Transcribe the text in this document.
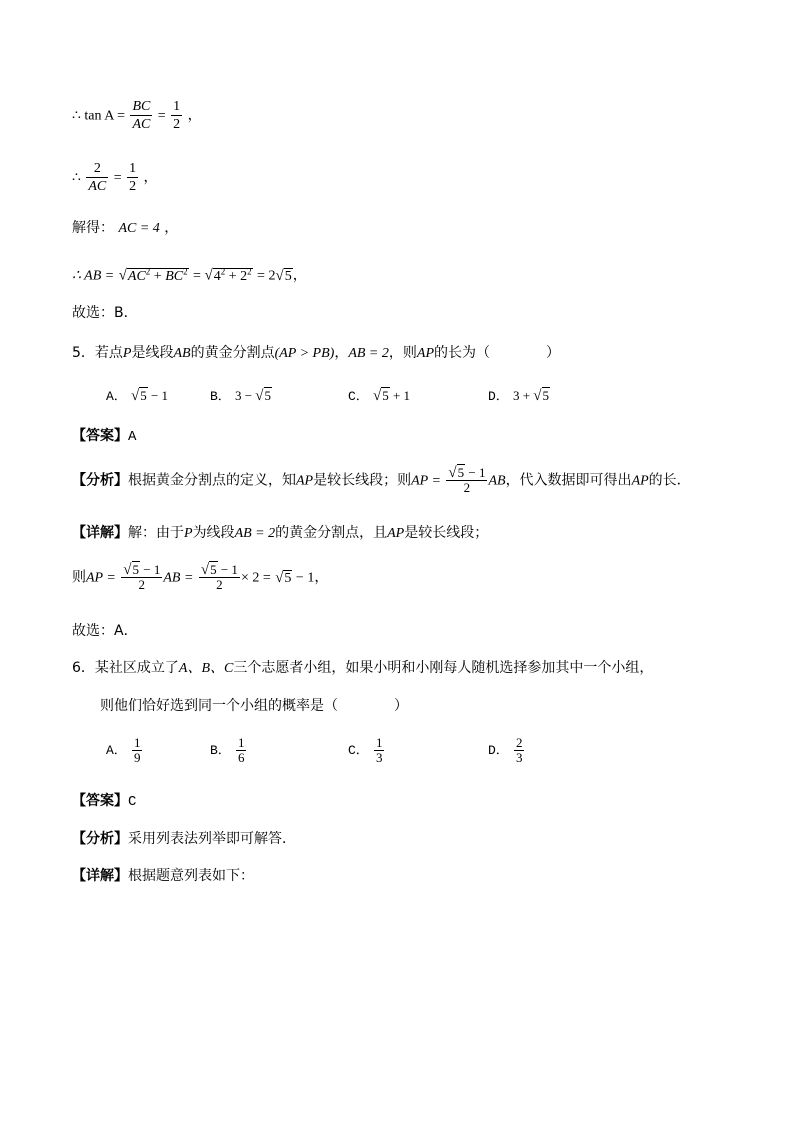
∴ $\tan A = \frac{BC}{AC} = \frac{1}{2}$ ，
∴ $\frac{2}{AC} = \frac{1}{2}$ ，
解得： AC = 4 ，
∴ AB = $√AC^2 + BC^2 = √4^2 + 2^2 = 2√5$，
故选：B．
5．若点P是线段AB的黄金分割点(AP > PB)，AB = 2，则AP的长为（	）
A． √5 − 1	B． 3 − √5	C． √5 + 1	D． 3 + √5
【答案】A
【分析】根据黄金分割点的定义，知AP是较长线段；则AP = $\frac{√5 - 1}{2}$ AB，代入数据即可得出AP的长．
【详解】解：由于P为线段AB = 2的黄金分割点，且AP是较长线段；
则AP = $\frac{√5 - 1}{2}$ AB = $\frac{√5 - 1}{2} \times 2 = √5 - 1$，
故选：A．
6．某社区成立了A、B、C三个志愿者小组，如果小明和小刚每人随机选择参加其中一个小组，
则他们恰好选到同一个小组的概率是（	）
A． $\frac{1}{9}$	B． $\frac{1}{6}$	C． $\frac{1}{3}$	D． $\frac{2}{3}$
【答案】C
【分析】采用列表法列举即可解答．
【详解】根据题意列表如下：
